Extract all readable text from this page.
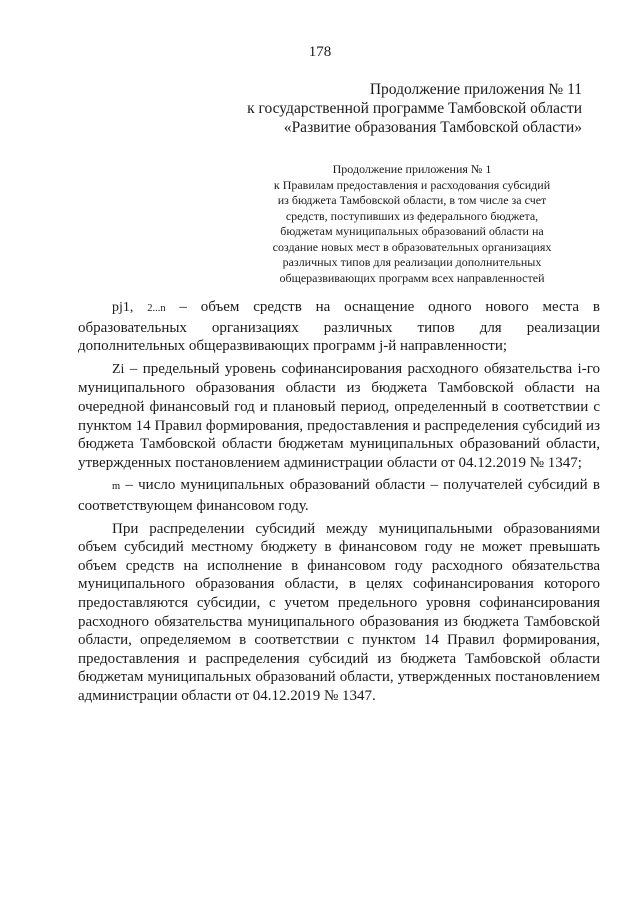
178
Продолжение приложения № 11
к государственной программе Тамбовской области
«Развитие образования Тамбовской области»
Продолжение приложения № 1
к Правилам предоставления и расходования субсидий
из бюджета Тамбовской области, в том числе за счет
средств, поступивших из федерального бюджета,
бюджетам муниципальных образований области на
создание новых мест в образовательных организациях
различных типов для реализации дополнительных
общеразвивающих программ всех направленностей

pj1, 2...n – объем средств на оснащение одного нового места в образовательных организациях различных типов для реализации дополнительных общеразвивающих программ j-й направленности;

Zi – предельный уровень софинансирования расходного обязательства i-го муниципального образования области из бюджета Тамбовской области на очередной финансовый год и плановый период, определенный в соответствии с пунктом 14 Правил формирования, предоставления и распределения субсидий из бюджета Тамбовской области бюджетам муниципальных образований области, утвержденных постановлением администрации области от 04.12.2019 № 1347;

m – число муниципальных образований области – получателей субсидий в соответствующем финансовом году.

При распределении субсидий между муниципальными образованиями объем субсидий местному бюджету в финансовом году не может превышать объем средств на исполнение в финансовом году расходного обязательства муниципального образования области, в целях софинансирования которого предоставляются субсидии, с учетом предельного уровня софинансирования расходного обязательства муниципального образования из бюджета Тамбовской области, определяемом в соответствии с пунктом 14 Правил формирования, предоставления и распределения субсидий из бюджета Тамбовской области бюджетам муниципальных образований области, утвержденных постановлением администрации области от 04.12.2019 № 1347.
